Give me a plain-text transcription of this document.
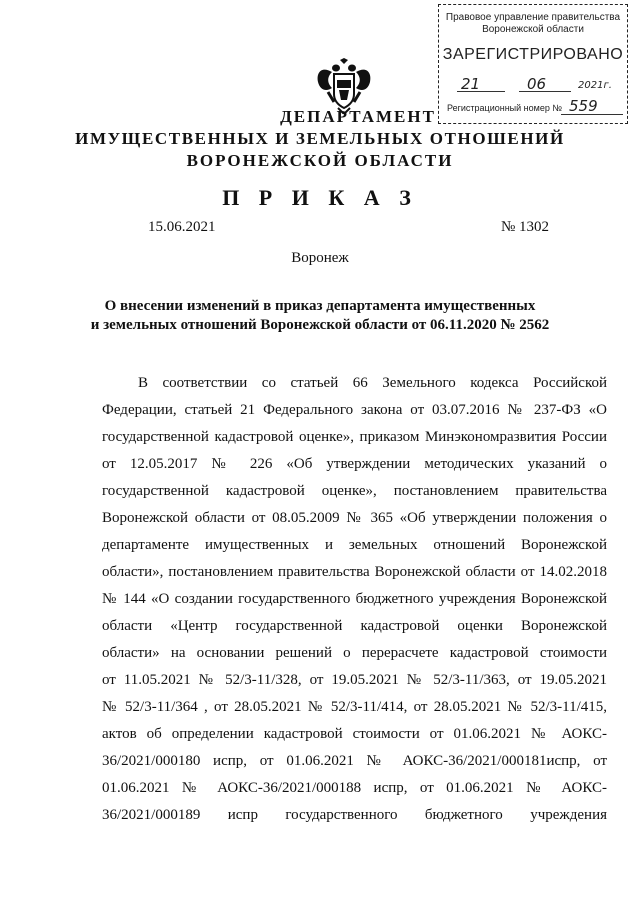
Правовое управление правительства
Воронежской области
ЗАРЕГИСТРИРОВАНО
21	06	2021г.
Регистрационный номер № 559
ДЕПАРТАМЕНТ
ИМУЩЕСТВЕННЫХ И ЗЕМЕЛЬНЫХ ОТНОШЕНИЙ
ВОРОНЕЖСКОЙ ОБЛАСТИ
П Р И К А З
15.06.2021	№ 1302
Воронеж
О внесении изменений в приказ департамента имущественных
и земельных отношений Воронежской области от 06.11.2020 № 2562
В соответствии со статьей 66 Земельного кодекса Российской
Федерации, статьей 21 Федерального закона от 03.07.2016 № 237-ФЗ «О
государственной кадастровой оценке», приказом Минэкономразвития России
от 12.05.2017 № 226 «Об утверждении методических указаний о
государственной кадастровой оценке», постановлением правительства
Воронежской области от 08.05.2009 № 365 «Об утверждении положения о
департаменте имущественных и земельных отношений Воронежской
области», постановлением правительства Воронежской области от 14.02.2018
№ 144 «О создании государственного бюджетного учреждения Воронежской
области «Центр государственной кадастровой оценки Воронежской
области» на основании решений о перерасчете кадастровой стоимости
от 11.05.2021 № 52/3-11/328, от 19.05.2021 № 52/3-11/363, от 19.05.2021
№ 52/3-11/364 , от 28.05.2021 № 52/3-11/414, от 28.05.2021 № 52/3-11/415,
актов об определении кадастровой стоимости от 01.06.2021 № АОКС-
36/2021/000180 испр, от 01.06.2021 № АОКС-36/2021/000181испр, от
01.06.2021 № АОКС-36/2021/000188 испр, от 01.06.2021 № АОКС-
36/2021/000189 испр государственного бюджетного учреждения
